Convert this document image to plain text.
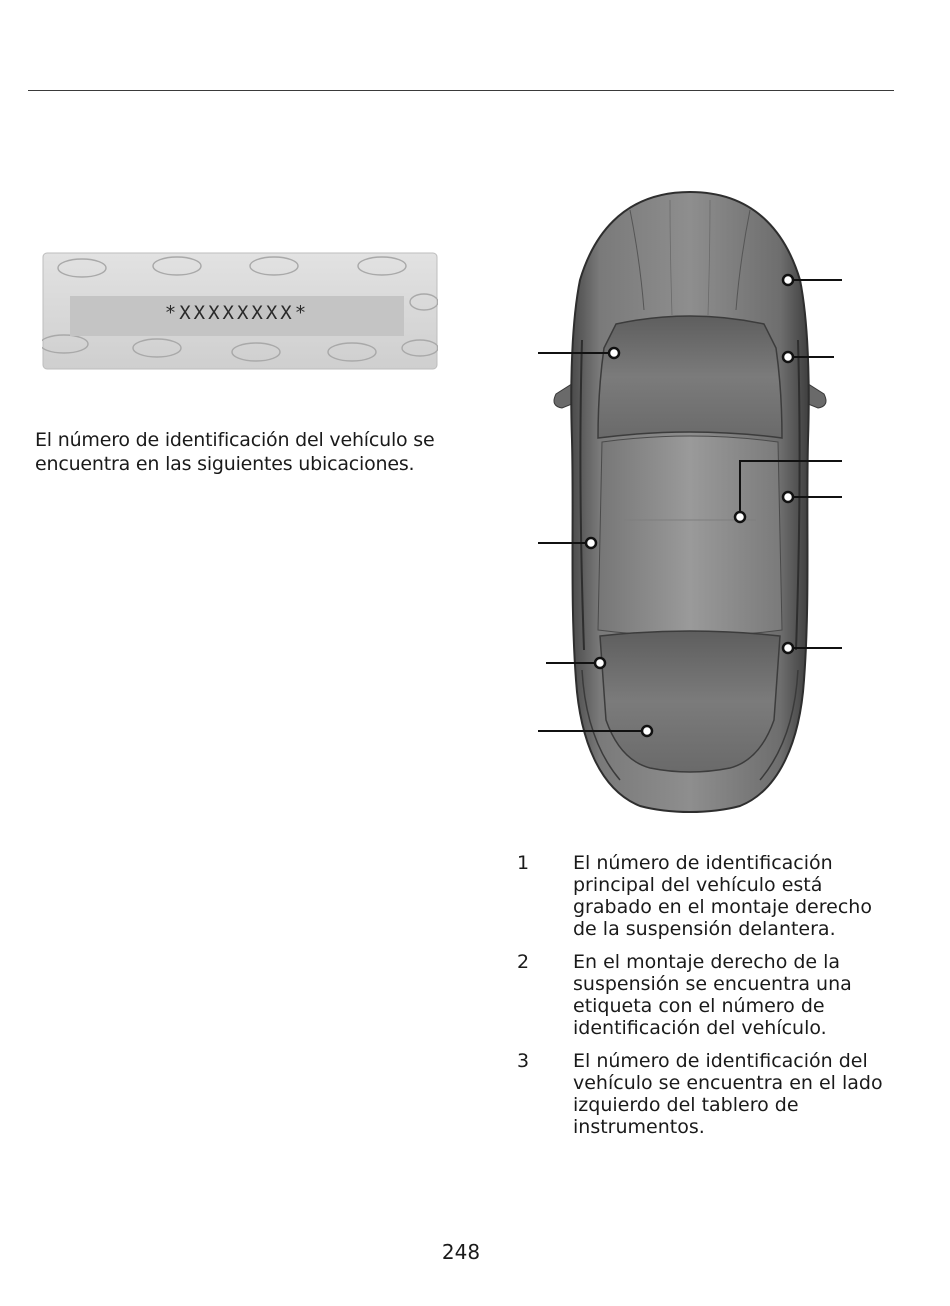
*XXXXXXXX*
El número de identificación del vehículo se encuentra en las siguientes ubicaciones.
1	El número de identificación principal del vehículo está grabado en el montaje derecho de la suspensión delantera.
2	En el montaje derecho de la suspensión se encuentra una etiqueta con el número de identificación del vehículo.
3	El número de identificación del vehículo se encuentra en el lado izquierdo del tablero de instrumentos.
248
